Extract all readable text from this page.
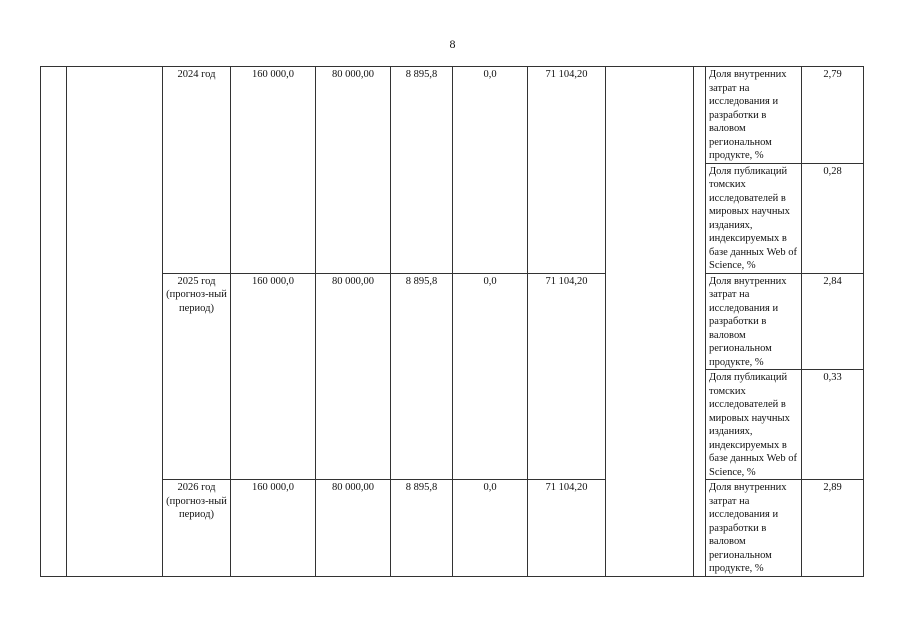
8
		2024 год	160 000,0	80 000,00	8 895,8	0,0	71 104,20			Доля внутренних затрат на исследования и разработки в валовом региональном продукте, %	2,79
										Доля публикаций томских исследователей в мировых научных изданиях, индексируемых в базе данных Web of Science, %	0,28
		2025 год (прогноз-ный период)	160 000,0	80 000,00	8 895,8	0,0	71 104,20			Доля внутренних затрат на исследования и разработки в валовом региональном продукте, %	2,84
										Доля публикаций томских исследователей в мировых научных изданиях, индексируемых в базе данных Web of Science, %	0,33
		2026 год (прогноз-ный период)	160 000,0	80 000,00	8 895,8	0,0	71 104,20			Доля внутренних затрат на исследования и разработки в валовом региональном продукте, %	2,89
